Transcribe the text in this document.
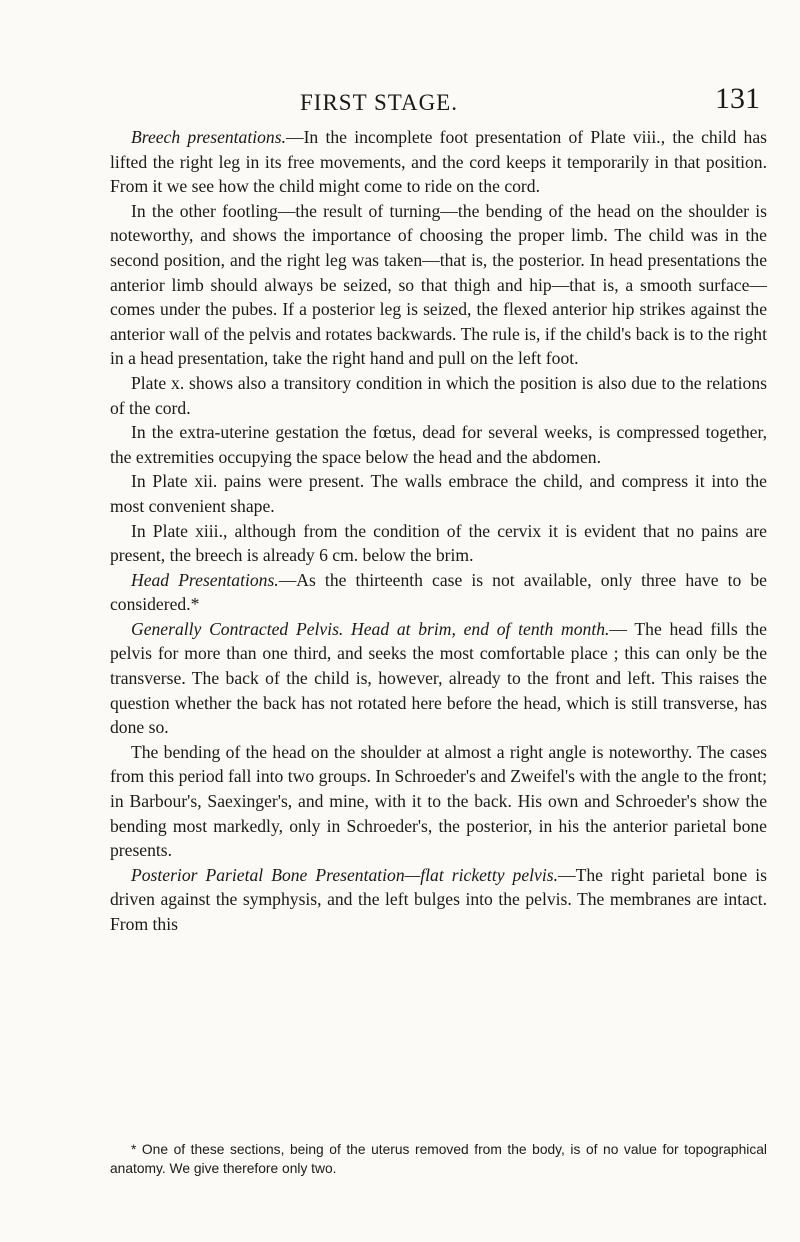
FIRST STAGE.	131

Breech presentations.—In the incomplete foot presentation of Plate viii., the child has lifted the right leg in its free movements, and the cord keeps it temporarily in that position. From it we see how the child might come to ride on the cord.

In the other footling—the result of turning—the bending of the head on the shoulder is noteworthy, and shows the importance of choosing the proper limb. The child was in the second position, and the right leg was taken—that is, the posterior. In head presentations the anterior limb should always be seized, so that thigh and hip—that is, a smooth surface—comes under the pubes. If a posterior leg is seized, the flexed anterior hip strikes against the anterior wall of the pelvis and rotates backwards. The rule is, if the child's back is to the right in a head presentation, take the right hand and pull on the left foot.

Plate x. shows also a transitory condition in which the position is also due to the relations of the cord.

In the extra-uterine gestation the fœtus, dead for several weeks, is compressed together, the extremities occupying the space below the head and the abdomen.

In Plate xii. pains were present. The walls embrace the child, and compress it into the most convenient shape.

In Plate xiii., although from the condition of the cervix it is evident that no pains are present, the breech is already 6 cm. below the brim.

Head Presentations.—As the thirteenth case is not available, only three have to be considered.*

Generally Contracted Pelvis. Head at brim, end of tenth month.— The head fills the pelvis for more than one third, and seeks the most comfortable place ; this can only be the transverse. The back of the child is, however, already to the front and left. This raises the question whether the back has not rotated here before the head, which is still transverse, has done so.

The bending of the head on the shoulder at almost a right angle is noteworthy. The cases from this period fall into two groups. In Schroeder's and Zweifel's with the angle to the front; in Barbour's, Saexinger's, and mine, with it to the back. His own and Schroeder's show the bending most markedly, only in Schroeder's, the posterior, in his the anterior parietal bone presents.

Posterior Parietal Bone Presentation—flat ricketty pelvis.—The right parietal bone is driven against the symphysis, and the left bulges into the pelvis. The membranes are intact. From this

* One of these sections, being of the uterus removed from the body, is of no value for topographical anatomy. We give therefore only two.
